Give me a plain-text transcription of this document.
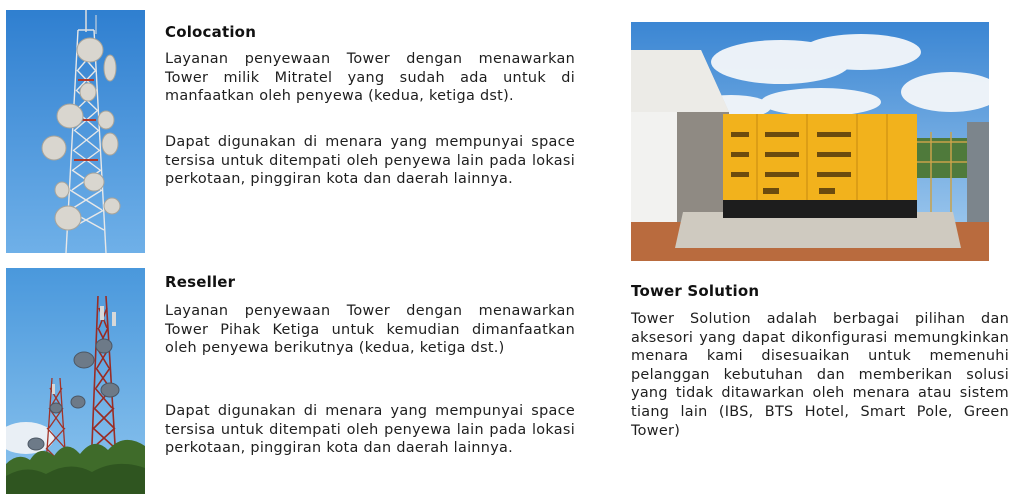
Colocation

Layanan penyewaan Tower dengan menawarkan Tower milik Mitratel yang sudah ada untuk di manfaatkan oleh penyewa (kedua, ketiga dst).

Dapat digunakan di menara yang mempunyai space tersisa untuk ditempati oleh penyewa lain pada lokasi perkotaan, pinggiran kota dan daerah lainnya.

Reseller

Layanan penyewaan Tower dengan menawarkan Tower Pihak Ketiga untuk kemudian dimanfaatkan oleh penyewa berikutnya (kedua, ketiga dst.)

Dapat digunakan di menara yang mempunyai space tersisa untuk ditempati oleh penyewa lain pada lokasi perkotaan, pinggiran kota dan daerah lainnya.

Tower Solution

Tower Solution adalah berbagai pilihan dan aksesori yang dapat dikonfigurasi memungkinkan menara kami disesuaikan untuk memenuhi pelanggan kebutuhan dan memberikan solusi yang tidak ditawarkan oleh menara atau sistem tiang lain (IBS, BTS Hotel, Smart Pole, Green Tower)
